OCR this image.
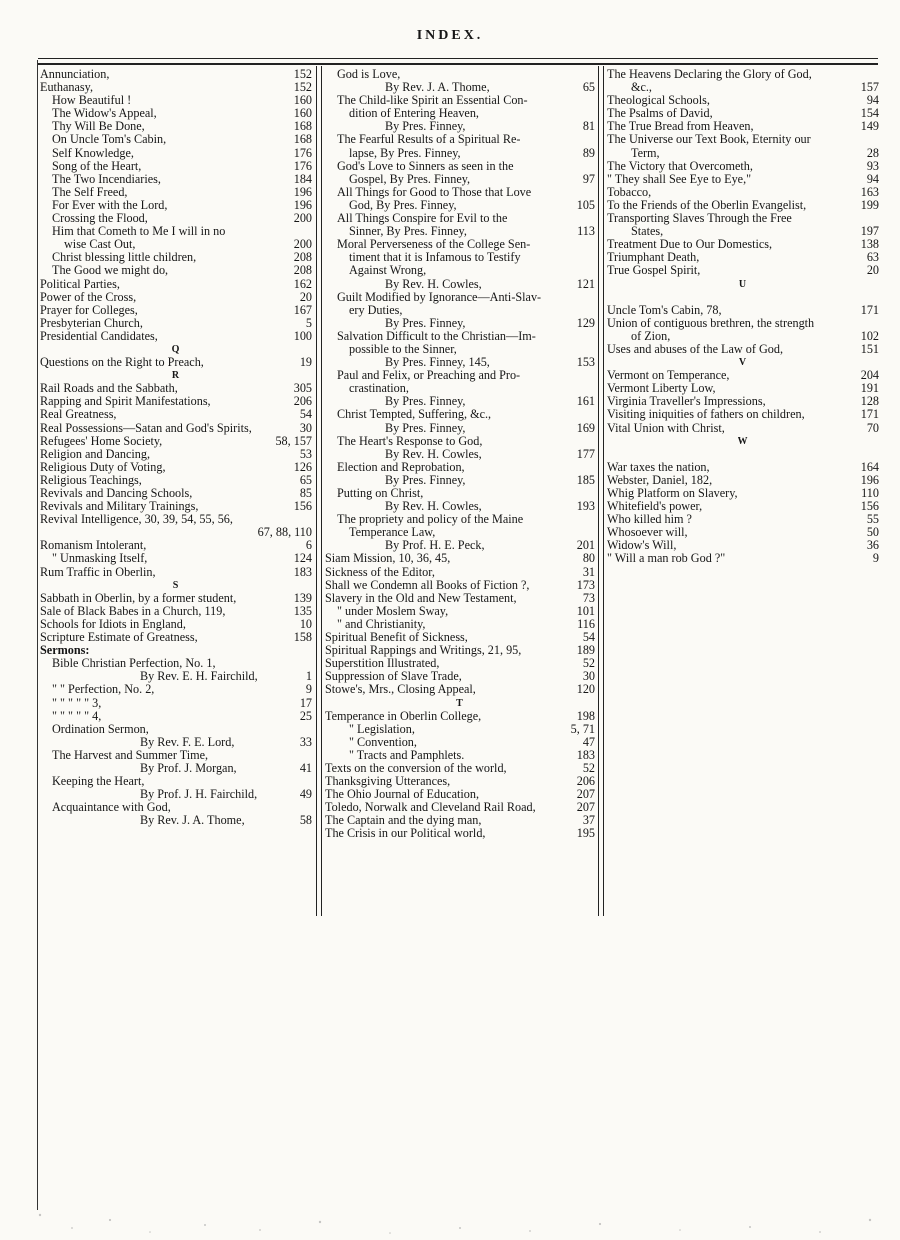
INDEX.
Annunciation,	152
Euthanasy,	152
How Beautiful !	160
The Widow's Appeal,	160
Thy Will Be Done,	168
On Uncle Tom's Cabin,	168
Self Knowledge,	176
Song of the Heart,	176
The Two Incendiaries,	184
The Self Freed,	196
For Ever with the Lord,	196
Crossing the Flood,	200
Him that Cometh to Me I will in no
wise Cast Out,	200
Christ blessing little children,	208
The Good we might do,	208
Political Parties,	162
Power of the Cross,	20
Prayer for Colleges,	167
Presbyterian Church,	5
Presidential Candidates,	100
Q
Questions on the Right to Preach,	19
R
Rail Roads and the Sabbath,	305
Rapping and Spirit Manifestations,	206
Real Greatness,	54
Real Possessions—Satan and God's Spirits,	30
Refugees' Home Society,	58, 157
Religion and Dancing,	53
Religious Duty of Voting,	126
Religious Teachings,	65
Revivals and Dancing Schools,	85
Revivals and Military Trainings,	156
Revival Intelligence, 30, 39, 54, 55, 56,
67, 88, 110
Romanism Intolerant,	6
" Unmasking Itself,	124
Rum Traffic in Oberlin,	183
S
Sabbath in Oberlin, by a former student,	139
Sale of Black Babes in a Church, 119,	135
Schools for Idiots in England,	10
Scripture Estimate of Greatness,	158
Sermons:
Bible Christian Perfection, No. 1,
By Rev. E. H. Fairchild,	1
" " Perfection, No. 2,	9
" " " " " 3,	17
" " " " " 4,	25
Ordination Sermon,
By Rev. F. E. Lord,	33
The Harvest and Summer Time,
By Prof. J. Morgan,	41
Keeping the Heart,
By Prof. J. H. Fairchild,	49
Acquaintance with God,
By Rev. J. A. Thome,	58
God is Love,
By Rev. J. A. Thome,	65
The Child-like Spirit an Essential Con-
dition of Entering Heaven,
By Pres. Finney,	81
The Fearful Results of a Spiritual Re-
lapse, By Pres. Finney,	89
God's Love to Sinners as seen in the
Gospel, By Pres. Finney,	97
All Things for Good to Those that Love
God, By Pres. Finney,	105
All Things Conspire for Evil to the
Sinner, By Pres. Finney,	113
Moral Perverseness of the College Sen-
timent that it is Infamous to Testify
Against Wrong,
By Rev. H. Cowles,	121
Guilt Modified by Ignorance—Anti-Slav-
ery Duties,
By Pres. Finney,	129
Salvation Difficult to the Christian—Im-
possible to the Sinner,
By Pres. Finney, 145,	153
Paul and Felix, or Preaching and Pro-
crastination,
By Pres. Finney,	161
Christ Tempted, Suffering, &c.,
By Pres. Finney,	169
The Heart's Response to God,
By Rev. H. Cowles,	177
Election and Reprobation,
By Pres. Finney,	185
Putting on Christ,
By Rev. H. Cowles,	193
The propriety and policy of the Maine
Temperance Law,
By Prof. H. E. Peck,	201
Siam Mission, 10, 36, 45,	80
Sickness of the Editor,	31
Shall we Condemn all Books of Fiction ?,	173
Slavery in the Old and New Testament,	73
" under Moslem Sway,	101
" and Christianity,	116
Spiritual Benefit of Sickness,	54
Spiritual Rappings and Writings, 21, 95,	189
Superstition Illustrated,	52
Suppression of Slave Trade,	30
Stowe's, Mrs., Closing Appeal,	120
T
Temperance in Oberlin College,	198
" Legislation,	5, 71
" Convention,	47
" Tracts and Pamphlets.	183
Texts on the conversion of the world,	52
Thanksgiving Utterances,	206
The Ohio Journal of Education,	207
Toledo, Norwalk and Cleveland Rail Road,	207
The Captain and the dying man,	37
The Crisis in our Political world,	195
The Heavens Declaring the Glory of God,
&c.,	157
Theological Schools,	94
The Psalms of David,	154
The True Bread from Heaven,	149
The Universe our Text Book, Eternity our
Term,	28
The Victory that Overcometh,	93
" They shall See Eye to Eye,"	94
Tobacco,	163
To the Friends of the Oberlin Evangelist,	199
Transporting Slaves Through the Free
States,	197
Treatment Due to Our Domestics,	138
Triumphant Death,	63
True Gospel Spirit,	20
U
Uncle Tom's Cabin, 78,	171
Union of contiguous brethren, the strength
of Zion,	102
Uses and abuses of the Law of God,	151
V
Vermont on Temperance,	204
Vermont Liberty Low,	191
Virginia Traveller's Impressions,	128
Visiting iniquities of fathers on children,	171
Vital Union with Christ,	70
W
War taxes the nation,	164
Webster, Daniel, 182,	196
Whig Platform on Slavery,	110
Whitefield's power,	156
Who killed him ?	55
Whosoever will,	50
Widow's Will,	36
" Will a man rob God ?"	9
